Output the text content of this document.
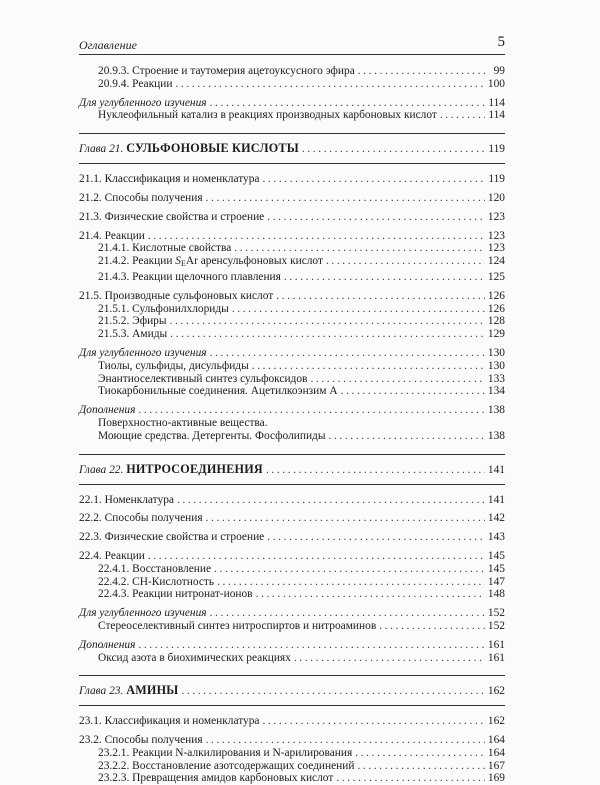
Оглавление	5
20.9.3. Строение и таутомерия ацетоуксусного эфира .....	99
20.9.4. Реакции .....	100
Для углубленного изучения .....	114
Нуклеофильный катализ в реакциях производных карбоновых кислот .....	114
Глава 21. СУЛЬФОНОВЫЕ КИСЛОТЫ .....	119
21.1. Классификация и номенклатура .....	119
21.2. Способы получения .....	120
21.3. Физические свойства и строение .....	123
21.4. Реакции .....	123
21.4.1. Кислотные свойства .....	123
21.4.2. Реакции $S_EAr$ аренсульфоновых кислот .....	124
21.4.3. Реакции щелочного плавления .....	125
21.5. Производные сульфоновых кислот .....	126
21.5.1. Сульфонилхлориды .....	126
21.5.2. Эфиры .....	128
21.5.3. Амиды .....	129
Для углубленного изучения .....	130
Тиолы, сульфиды, дисульфиды .....	130
Энантиоселективный синтез сульфоксидов .....	133
Тиокарбонильные соединения. Ацетилкоэнзим А .....	134
Дополнения .....	138
Поверхностно-активные вещества.
Моющие средства. Детергенты. Фосфолипиды .....	138
Глава 22. НИТРОСОЕДИНЕНИЯ .....	141
22.1. Номенклатура .....	141
22.2. Способы получения .....	142
22.3. Физические свойства и строение .....	143
22.4. Реакции .....	145
22.4.1. Восстановление .....	145
22.4.2. СН-Кислотность .....	147
22.4.3. Реакции нитронат-ионов .....	148
Для углубленного изучения .....	152
Стереоселективный синтез нитроспиртов и нитроаминов .....	152
Дополнения .....	161
Оксид азота в биохимических реакциях .....	161
Глава 23. АМИНЫ .....	162
23.1. Классификация и номенклатура .....	162
23.2. Способы получения .....	164
23.2.1. Реакции N-алкилирования и N-арилирования .....	164
23.2.2. Восстановление азотсодержащих соединений .....	167
23.2.3. Превращения амидов карбоновых кислот .....	169
